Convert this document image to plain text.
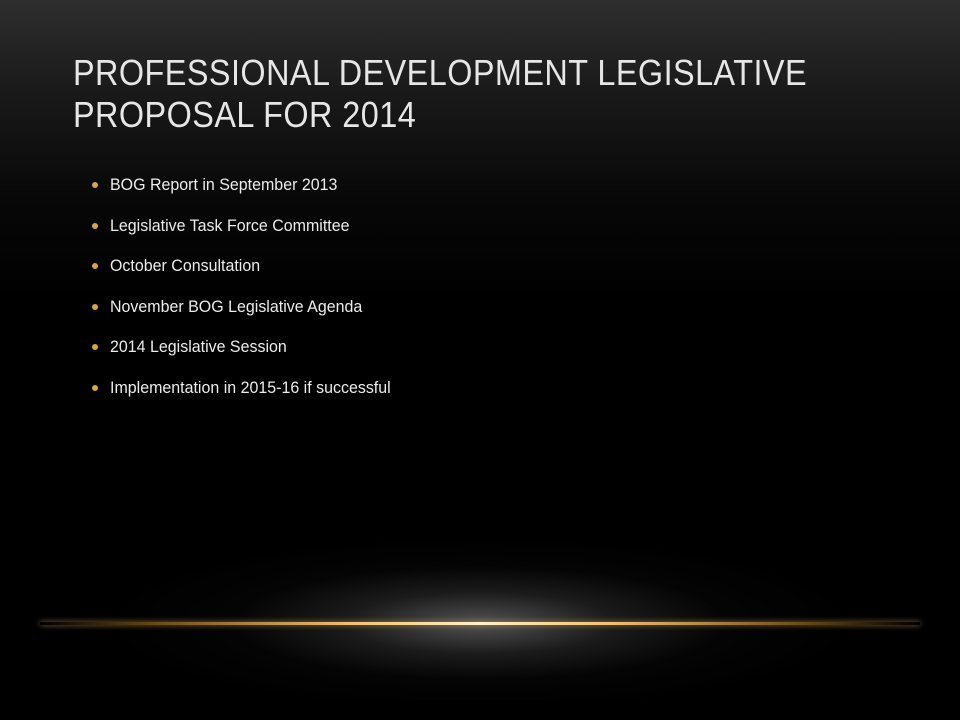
PROFESSIONAL DEVELOPMENT LEGISLATIVE
PROPOSAL FOR 2014
BOG Report in September 2013
Legislative Task Force Committee
October Consultation
November BOG Legislative Agenda
2014 Legislative Session
Implementation in 2015-16 if successful
